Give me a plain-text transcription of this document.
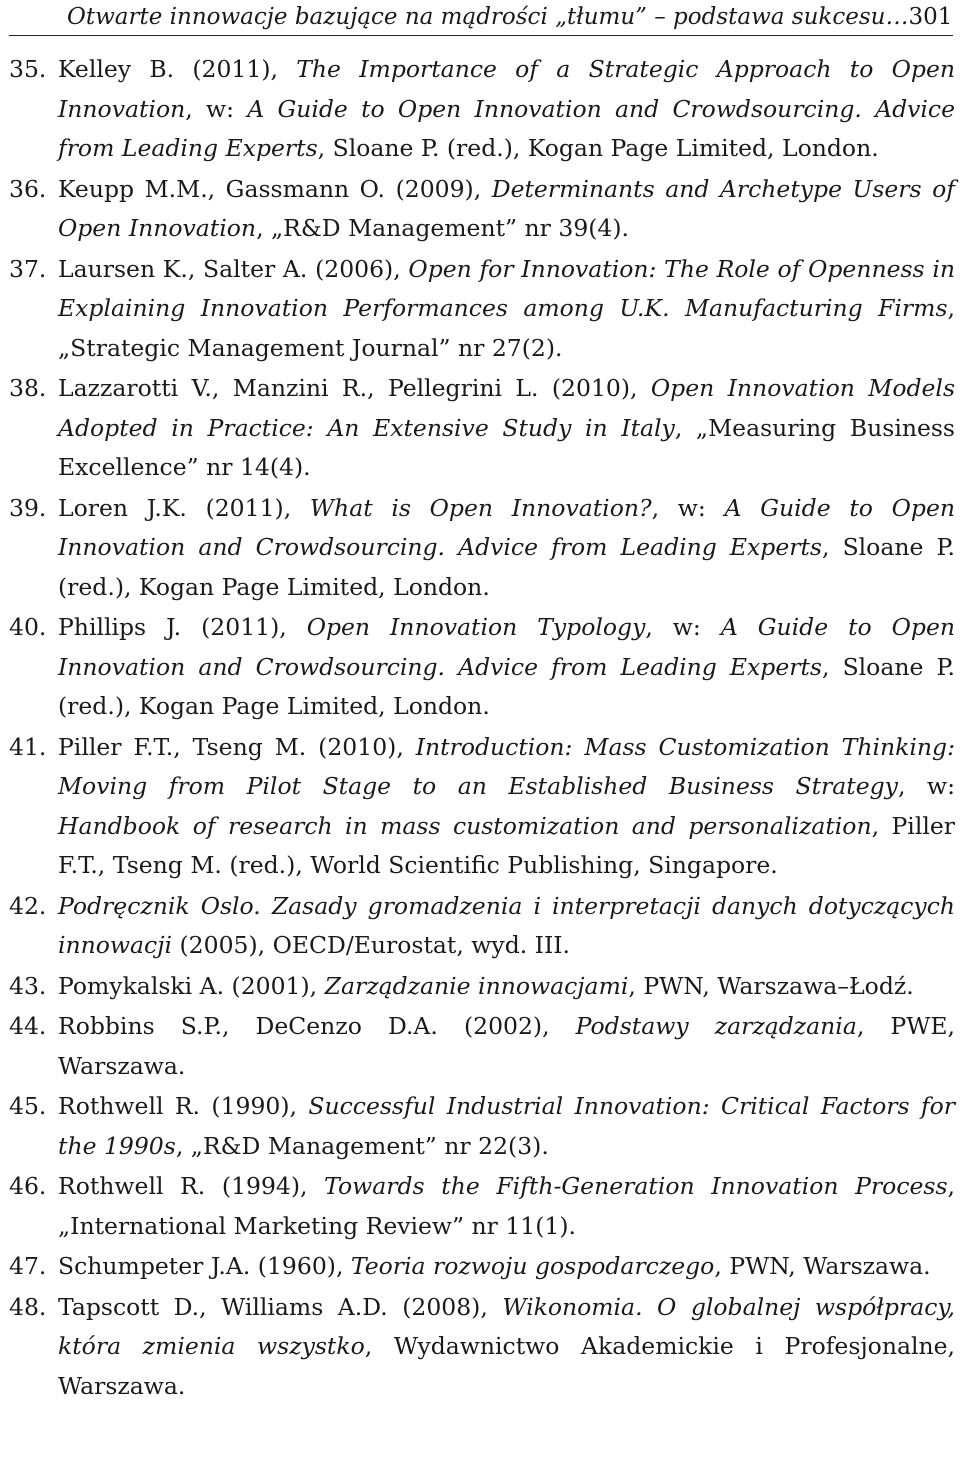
Otwarte innowacje bazujące na mądrości „tłumu” – podstawa sukcesu… 301
35. Kelley B. (2011), The Importance of a Strategic Approach to Open Innovation, w: A Guide to Open Innovation and Crowdsourcing. Advice from Leading Experts, Sloane P. (red.), Kogan Page Limited, London.
36. Keupp M.M., Gassmann O. (2009), Determinants and Archetype Users of Open Innovation, „R&D Management” nr 39(4).
37. Laursen K., Salter A. (2006), Open for Innovation: The Role of Openness in Explaining Innovation Performances among U.K. Manufacturing Firms, „Strategic Management Journal” nr 27(2).
38. Lazzarotti V., Manzini R., Pellegrini L. (2010), Open Innovation Models Adopted in Practice: An Extensive Study in Italy, „Measuring Business Excellence” nr 14(4).
39. Loren J.K. (2011), What is Open Innovation?, w: A Guide to Open Innovation and Crowdsourcing. Advice from Leading Experts, Sloane P. (red.), Kogan Page Limited, London.
40. Phillips J. (2011), Open Innovation Typology, w: A Guide to Open Innovation and Crowdsourcing. Advice from Leading Experts, Sloane P. (red.), Kogan Page Limited, London.
41. Piller F.T., Tseng M. (2010), Introduction: Mass Customization Thinking: Moving from Pilot Stage to an Established Business Strategy, w: Handbook of research in mass customization and personalization, Piller F.T., Tseng M. (red.), World Scientific Publishing, Singapore.
42. Podręcznik Oslo. Zasady gromadzenia i interpretacji danych dotyczących innowacji (2005), OECD/Eurostat, wyd. III.
43. Pomykalski A. (2001), Zarządzanie innowacjami, PWN, Warszawa–Łodź.
44. Robbins S.P., DeCenzo D.A. (2002), Podstawy zarządzania, PWE, Warszawa.
45. Rothwell R. (1990), Successful Industrial Innovation: Critical Factors for the 1990s, „R&D Management” nr 22(3).
46. Rothwell R. (1994), Towards the Fifth-Generation Innovation Process, „International Marketing Review” nr 11(1).
47. Schumpeter J.A. (1960), Teoria rozwoju gospodarczego, PWN, Warszawa.
48. Tapscott D., Williams A.D. (2008), Wikonomia. O globalnej współpracy, która zmienia wszystko, Wydawnictwo Akademickie i Profesjonalne, Warszawa.
